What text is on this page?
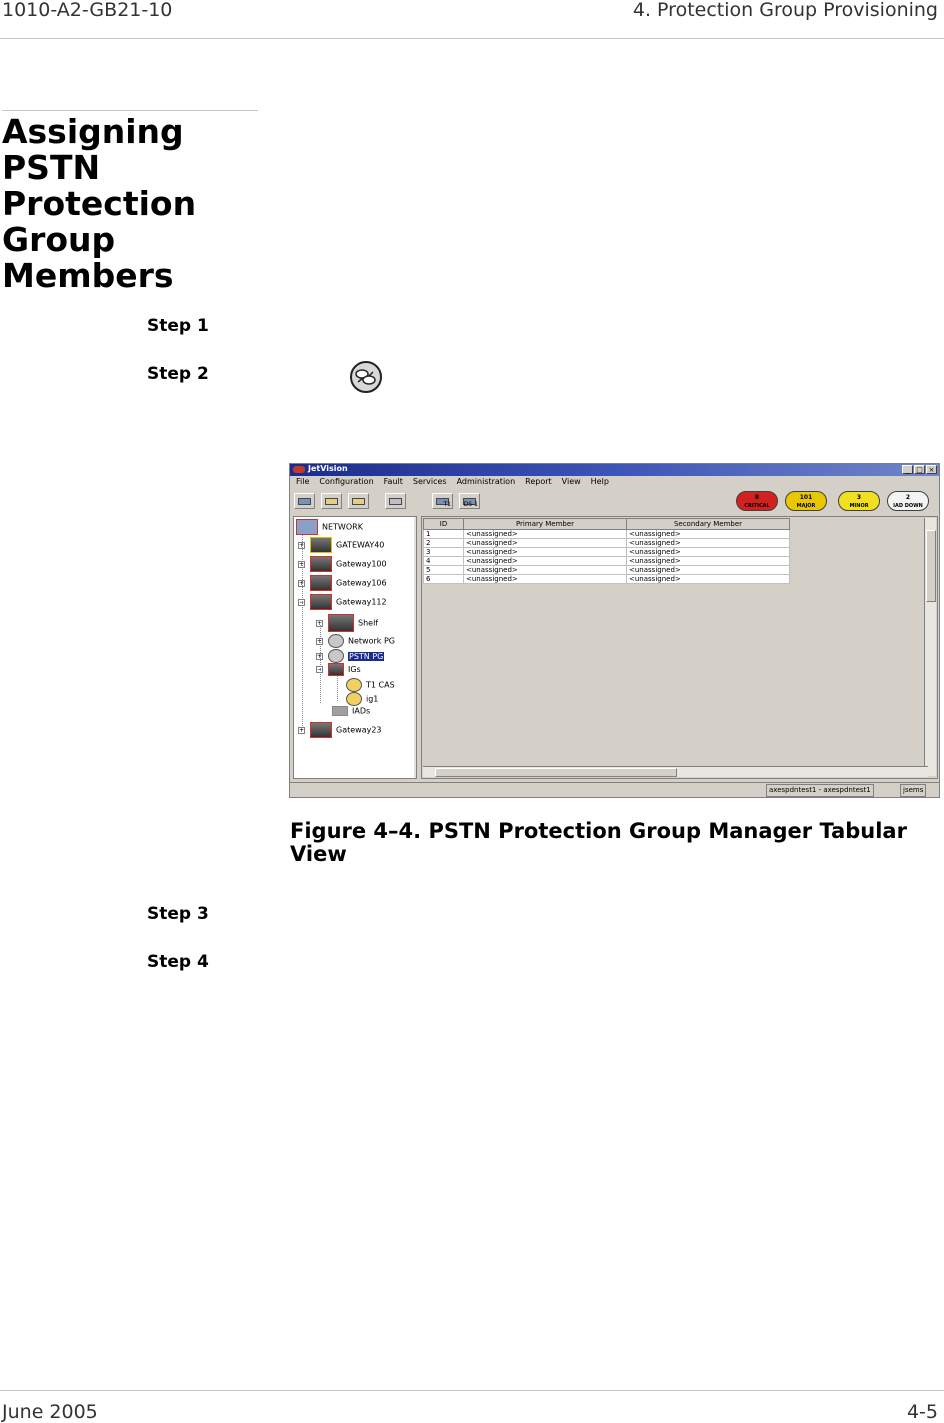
1010-A2-GB21-10	4. Protection Group Provisioning
Assigning PSTN Protection Group Members
Step 1
Step 2
JetVision	_ □ ×
File Configuration Fault Services Administration Report View Help
T1 DS-1
8
CRITICAL
101
MAJOR
3
MINOR
2
IAD DOWN
NETWORK
+	GATEWAY40
+	Gateway100
+	Gateway106
−	Gateway112
+	Shelf
+	Network PG
+	PSTN PG
−	IGs
T1 CAS
ig1
IADs
+	Gateway23
ID	Primary Member	Secondary Member
1	<unassigned>	<unassigned>
2	<unassigned>	<unassigned>
3	<unassigned>	<unassigned>
4	<unassigned>	<unassigned>
5	<unassigned>	<unassigned>
6	<unassigned>	<unassigned>
axespdntest1 - axespdntest1	jsems
Figure 4–4. PSTN Protection Group Manager Tabular View
Step 3
Step 4
June 2005	4-5
